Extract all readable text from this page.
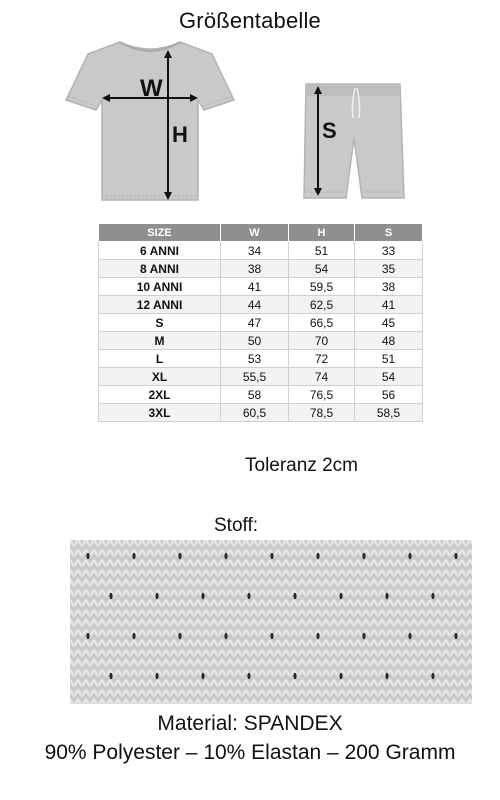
Größentabelle
W
H	S
SIZE	W	H	S
6 ANNI	34	51	33
8 ANNI	38	54	35
10 ANNI	41	59,5	38
12 ANNI	44	62,5	41
S	47	66,5	45
M	50	70	48
L	53	72	51
XL	55,5	74	54
2XL	58	76,5	56
3XL	60,5	78,5	58,5
Toleranz 2cm
Stoff:
Material: SPANDEX
90% Polyester – 10% Elastan – 200 Gramm
